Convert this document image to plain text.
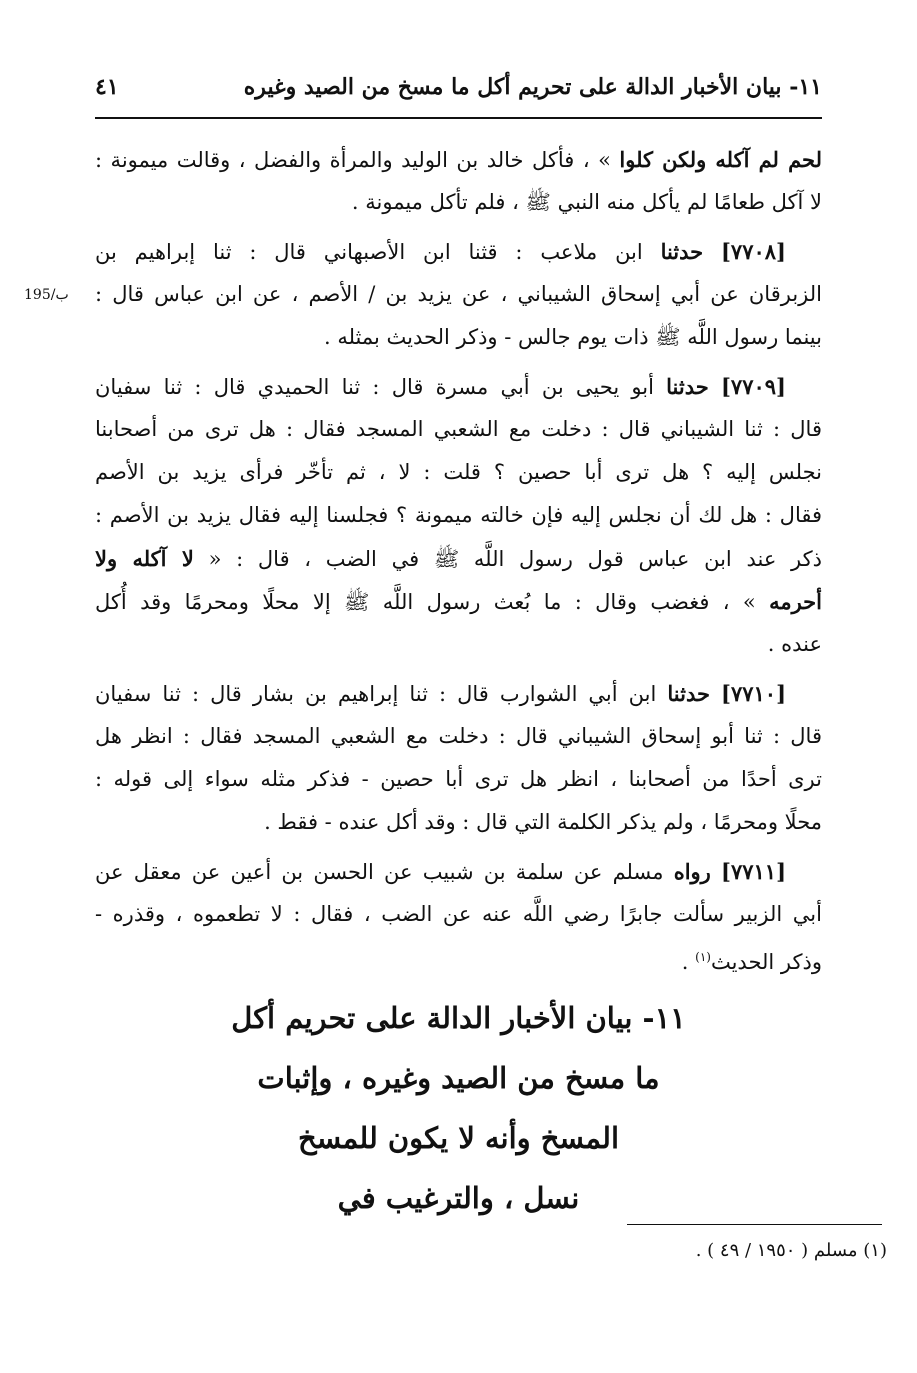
١١- بيان الأخبار الدالة على تحريم أكل ما مسخ من الصيد وغيره
٤١
195/ب
لحم لم آكله ولكن كلوا » ، فأكل خالد بن الوليد والمرأة والفضل ، وقالت ميمونة :
لا آكل طعامًا لم يأكل منه النبي ﷺ ، فلم تأكل ميمونة .
[٧٧٠٨] حدثنا ابن ملاعب : قثنا ابن الأصبهاني قال : ثنا إبراهيم بن
الزبرقان عن أبي إسحاق الشيباني ، عن يزيد بن / الأصم ، عن ابن عباس قال :
بينما رسول اللَّه ﷺ ذات يوم جالس - وذكر الحديث بمثله .
[٧٧٠٩] حدثنا أبو يحيى بن أبي مسرة قال : ثنا الحميدي قال : ثنا سفيان
قال : ثنا الشيباني قال : دخلت مع الشعبي المسجد فقال : هل ترى من أصحابنا
نجلس إليه ؟ هل ترى أبا حصين ؟ قلت : لا ، ثم تأخّر فرأى يزيد بن الأصم
فقال : هل لك أن نجلس إليه فإن خالته ميمونة ؟ فجلسنا إليه فقال يزيد بن الأصم :
ذكر عند ابن عباس قول رسول اللَّه ﷺ في الضب ، قال : « لا آكله ولا
أحرمه » ، فغضب وقال : ما بُعث رسول اللَّه ﷺ إلا محلًا ومحرمًا وقد أُكل
عنده .
[٧٧١٠] حدثنا ابن أبي الشوارب قال : ثنا إبراهيم بن بشار قال : ثنا سفيان
قال : ثنا أبو إسحاق الشيباني قال : دخلت مع الشعبي المسجد فقال : انظر هل
ترى أحدًا من أصحابنا ، انظر هل ترى أبا حصين - فذكر مثله سواء إلى قوله :
محلًا ومحرمًا ، ولم يذكر الكلمة التي قال : وقد أكل عنده - فقط .
[٧٧١١] رواه مسلم عن سلمة بن شبيب عن الحسن بن أعين عن معقل عن
أبي الزبير سألت جابرًا رضي اللَّه عنه عن الضب ، فقال : لا تطعموه ، وقذره -
وذكر الحديث$^{(١)}$ .
١١- بيان الأخبار الدالة على تحريم أكل
ما مسخ من الصيد وغيره ، وإثبات
المسخ وأنه لا يكون للمسخ
نسل ، والترغيب في
(١) مسلم ( ١٩٥٠ / ٤٩ ) .
